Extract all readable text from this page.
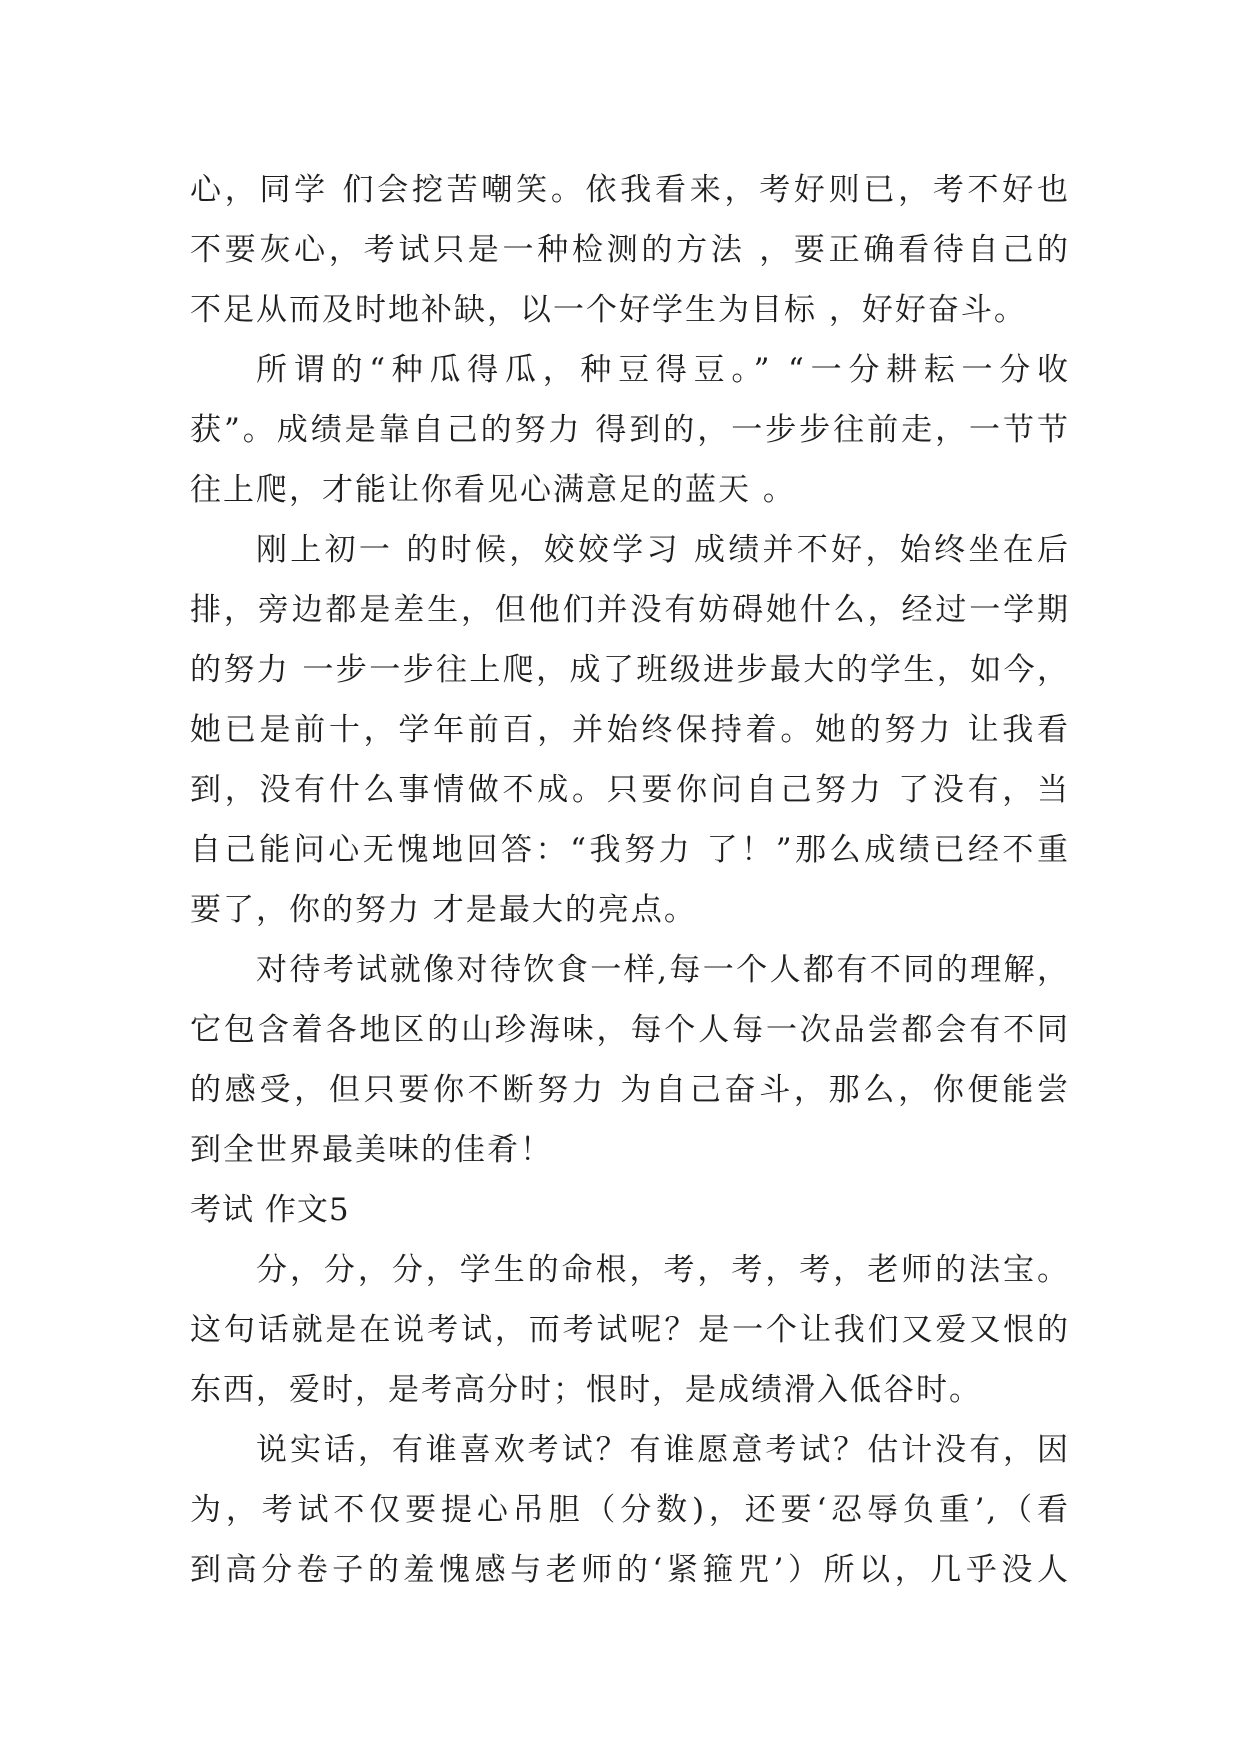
心，同学 们会挖苦嘲笑。依我看来，考好则已，考不好也
不要灰心，考试只是一种检测的方法 ，要正确看待自己的
不足从而及时地补缺，以一个好学生为目标 ，好好奋斗。
所谓的“种瓜得瓜，种豆得豆。” “一分耕耘一分收
获”。成绩是靠自己的努力 得到的，一步步往前走，一节节
往上爬，才能让你看见心满意足的蓝天 。
刚上初一 的时候，姣姣学习 成绩并不好，始终坐在后
排，旁边都是差生，但他们并没有妨碍她什么，经过一学期
的努力 一步一步往上爬，成了班级进步最大的学生，如今，
她已是前十，学年前百，并始终保持着。她的努力 让我看
到，没有什么事情做不成。只要你问自己努力 了没有，当
自己能问心无愧地回答：“我努力 了！”那么成绩已经不重
要了，你的努力 才是最大的亮点。
对待考试就像对待饮食一样,每一个人都有不同的理解，
它包含着各地区的山珍海味，每个人每一次品尝都会有不同
的感受，但只要你不断努力 为自己奋斗，那么，你便能尝
到全世界最美味的佳肴！
考试 作文5
分，分，分，学生的命根，考，考，考，老师的法宝。
这句话就是在说考试，而考试呢？是一个让我们又爱又恨的
东西，爱时，是考高分时；恨时，是成绩滑入低谷时。
说实话，有谁喜欢考试？有谁愿意考试？估计没有，因
为，考试不仅要提心吊胆（分数)，还要‘忍辱负重’,（看
到高分卷子的羞愧感与老师的‘紧箍咒’）所以，几乎没人
